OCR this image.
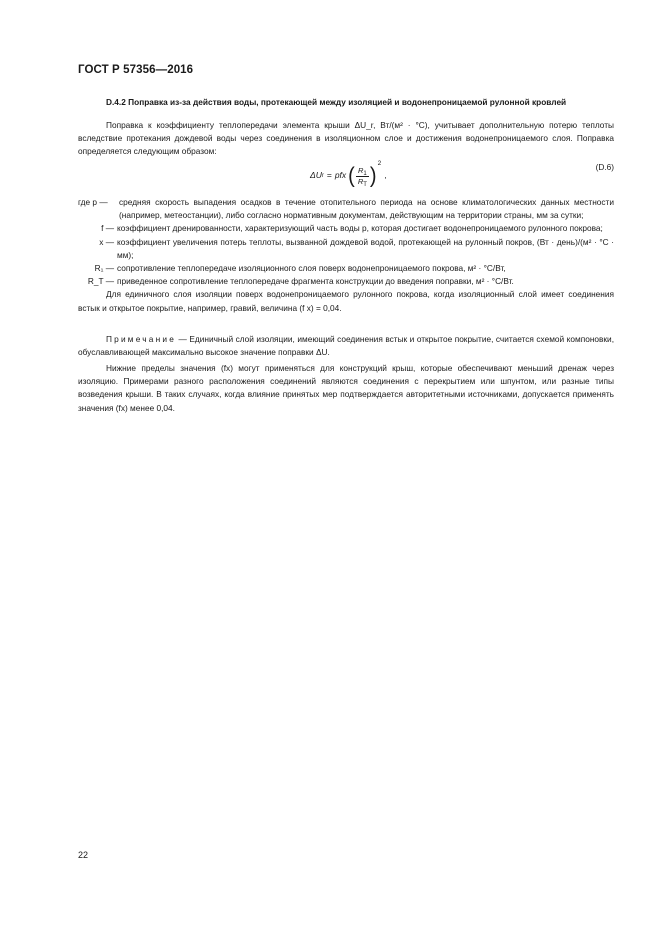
ГОСТ Р 57356—2016
D.4.2 Поправка из-за действия воды, протекающей между изоляцией и водонепроницаемой рулонной кровлей
Поправка к коэффициенту теплопередачи элемента крыши ΔU_r, Вт/(м² · °С), учитывает дополнительную потерю теплоты вследствие протекания дождевой воды через соединения в изоляционном слое и достижения водонепроницаемого слоя. Поправка определяется следующим образом:
ΔU r = pfx ( $\frac{R_1}{R_T}$ )
2
,
(D.6)
где p —	средняя скорость выпадения осадков в течение отопительного периода на основе климатологических данных местности (например, метеостанции), либо согласно нормативным документам, действующим на территории страны, мм за сутки;
f — коэффициент дренированности, характеризующий часть воды p, которая достигает водонепроницаемого рулонного покрова;
x — коэффициент увеличения потерь теплоты, вызванной дождевой водой, протекающей на рулонный покров, (Вт · день)/(м² · °С · мм);
R₁ — сопротивление теплопередаче изоляционного слоя поверх водонепроницаемого покрова, м² · °С/Вт,
R_T — приведенное сопротивление теплопередаче фрагмента конструкции до введения поправки, м² · °С/Вт.
Для единичного слоя изоляции поверх водонепроницаемого рулонного покрова, когда изоляционный слой имеет соединения встык и открытое покрытие, например, гравий, величина (f x) = 0,04.
Примечание — Единичный слой изоляции, имеющий соединения встык и открытое покрытие, считается схемой компоновки, обуславливающей максимально высокое значение поправки ΔU.
Нижние пределы значения (fx) могут применяться для конструкций крыш, которые обеспечивают меньший дренаж через изоляцию. Примерами разного расположения соединений являются соединения с перекрытием или шпунтом, или разные типы возведения крыши. В таких случаях, когда влияние принятых мер подтверждается авторитетными источниками, допускается применять значения (fx) менее 0,04.
22
